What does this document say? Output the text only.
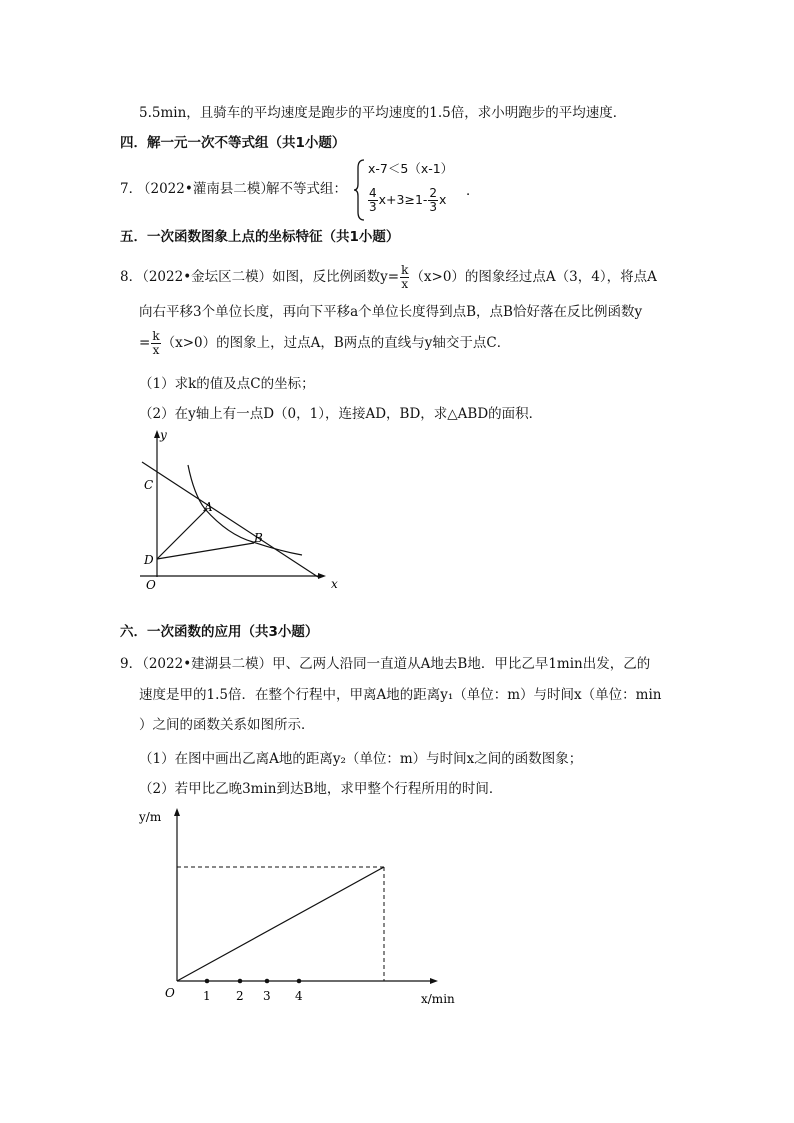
5.5min，且骑车的平均速度是跑步的平均速度的1.5倍，求小明跑步的平均速度．
四．解一元一次不等式组（共1小题）
7．
（2022•灌南县二模）
解不等式组：
x-7＜5（x-1）
$\frac{4}{3} x+3\ge 1- \frac{2}{3}$ x
．
五．一次函数图象上点的坐标特征（共1小题）
8．（2022•金坛区二模）如图，反比例函数$y= \frac{k}{x} (x>0)$的图象经过点A（3，4），将点A
向右平移3个单位长度，再向下平移a个单位长度得到点B，点B恰好落在反比例函数y
= $\frac{k}{x} (x>0)$的图象上，过点A，B两点的直线与y轴交于点C．
（1）求k的值及点C的坐标；
（2）在y轴上有一点D（0，1），连接AD，BD，求△ABD的面积．
y
x
O
C
A
B
D
六．一次函数的应用（共3小题）
9．（2022•建湖县二模）甲、乙两人沿同一直道从A地去B地．甲比乙早1min出发，乙的
速度是甲的1.5倍．在整个行程中，甲离A地的距离y₁（单位：m）与时间x（单位：min
）之间的函数关系如图所示．
（1）在图中画出乙离A地的距离y₂（单位：m）与时间x之间的函数图象；
（2）若甲比乙晚3min到达B地，求甲整个行程所用的时间．
1 2 3 4
O
y/m
x/min
